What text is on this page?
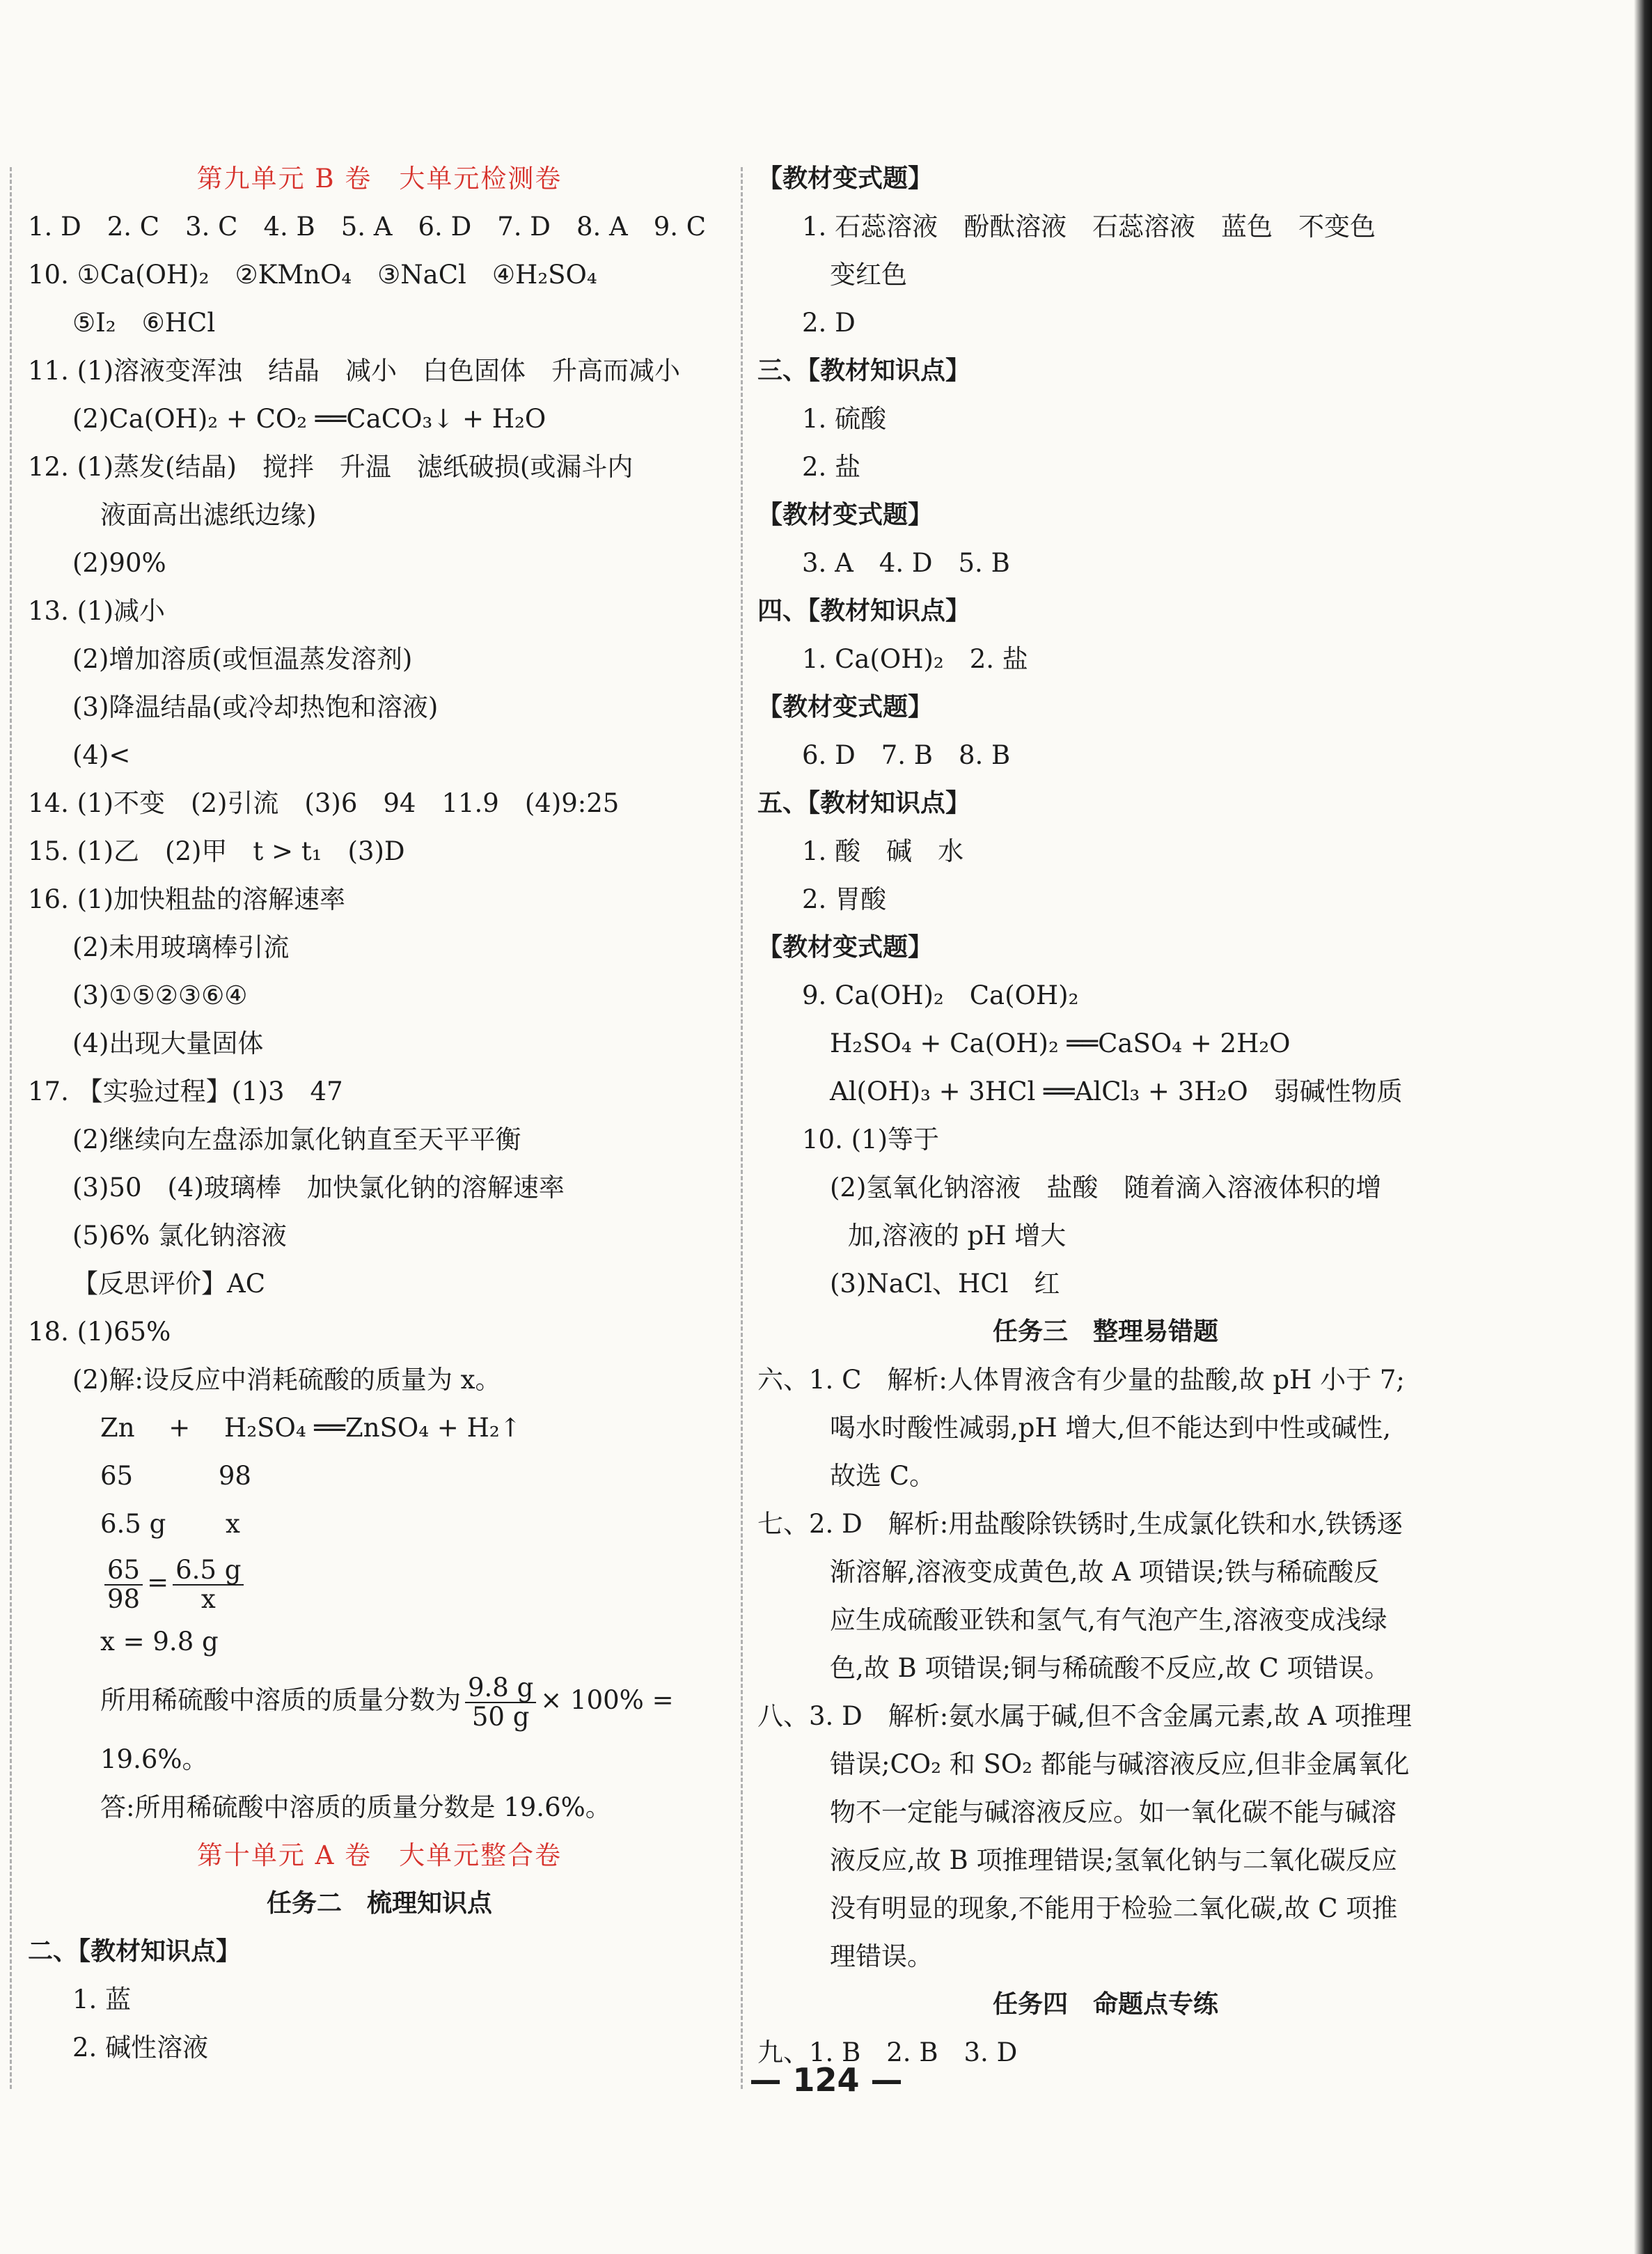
第九单元 B 卷　大单元检测卷
1. D　2. C　3. C　4. B　5. A　6. D　7. D　8. A　9. C
10. ①Ca(OH)₂　②KMnO₄　③NaCl　④H₂SO₄
⑤I₂　⑥HCl
11. (1)溶液变浑浊　结晶　减小　白色固体　升高而减小
(2)Ca(OH)₂ + CO₂ ══CaCO₃↓ + H₂O
12. (1)蒸发(结晶)　搅拌　升温　滤纸破损(或漏斗内
液面高出滤纸边缘)
(2)90%
13. (1)减小
(2)增加溶质(或恒温蒸发溶剂)
(3)降温结晶(或冷却热饱和溶液)
(4)<
14. (1)不变　(2)引流　(3)6　94　11.9　(4)9:25
15. (1)乙　(2)甲　t > t₁　(3)D
16. (1)加快粗盐的溶解速率
(2)未用玻璃棒引流
(3)①⑤②③⑥④
(4)出现大量固体
17. 【实验过程】(1)3　47
(2)继续向左盘添加氯化钠直至天平平衡
(3)50　(4)玻璃棒　加快氯化钠的溶解速率
(5)6% 氯化钠溶液
【反思评价】AC
18. (1)65%
(2)解:设反应中消耗硫酸的质量为 x。
Zn　 +　 H₂SO₄ ══ZnSO₄ + H₂↑
65　　　 98
6.5 g　　 x
$\frac{65}{98} = \frac{6.5 g}{x}$
x = 9.8 g
所用稀硫酸中溶质的质量分数为 $\frac{9.8 g}{50 g} \times 100\%$ =
19.6%。
答:所用稀硫酸中溶质的质量分数是 19.6%。
第十单元 A 卷　大单元整合卷
任务二　梳理知识点
二、【教材知识点】
1. 蓝
2. 碱性溶液
【教材变式题】
1. 石蕊溶液　酚酞溶液　石蕊溶液　蓝色　不变色
变红色
2. D
三、【教材知识点】
1. 硫酸
2. 盐
【教材变式题】
3. A　4. D　5. B
四、【教材知识点】
1. Ca(OH)₂　2. 盐
【教材变式题】
6. D　7. B　8. B
五、【教材知识点】
1. 酸　碱　水
2. 胃酸
【教材变式题】
9. Ca(OH)₂　Ca(OH)₂
H₂SO₄ + Ca(OH)₂ ══CaSO₄ + 2H₂O
Al(OH)₃ + 3HCl ══AlCl₃ + 3H₂O　弱碱性物质
10. (1)等于
(2)氢氧化钠溶液　盐酸　随着滴入溶液体积的增
加,溶液的 pH 增大
(3)NaCl、HCl　红
任务三　整理易错题
六、1. C　解析:人体胃液含有少量的盐酸,故 pH 小于 7;
喝水时酸性减弱,pH 增大,但不能达到中性或碱性,
故选 C。
七、2. D　解析:用盐酸除铁锈时,生成氯化铁和水,铁锈逐
渐溶解,溶液变成黄色,故 A 项错误;铁与稀硫酸反
应生成硫酸亚铁和氢气,有气泡产生,溶液变成浅绿
色,故 B 项错误;铜与稀硫酸不反应,故 C 项错误。
八、3. D　解析:氨水属于碱,但不含金属元素,故 A 项推理
错误;CO₂ 和 SO₂ 都能与碱溶液反应,但非金属氧化
物不一定能与碱溶液反应。如一氧化碳不能与碱溶
液反应,故 B 项推理错误;氢氧化钠与二氧化碳反应
没有明显的现象,不能用于检验二氧化碳,故 C 项推
理错误。
任务四　命题点专练
九、1. B　2. B　3. D
— 124 —
